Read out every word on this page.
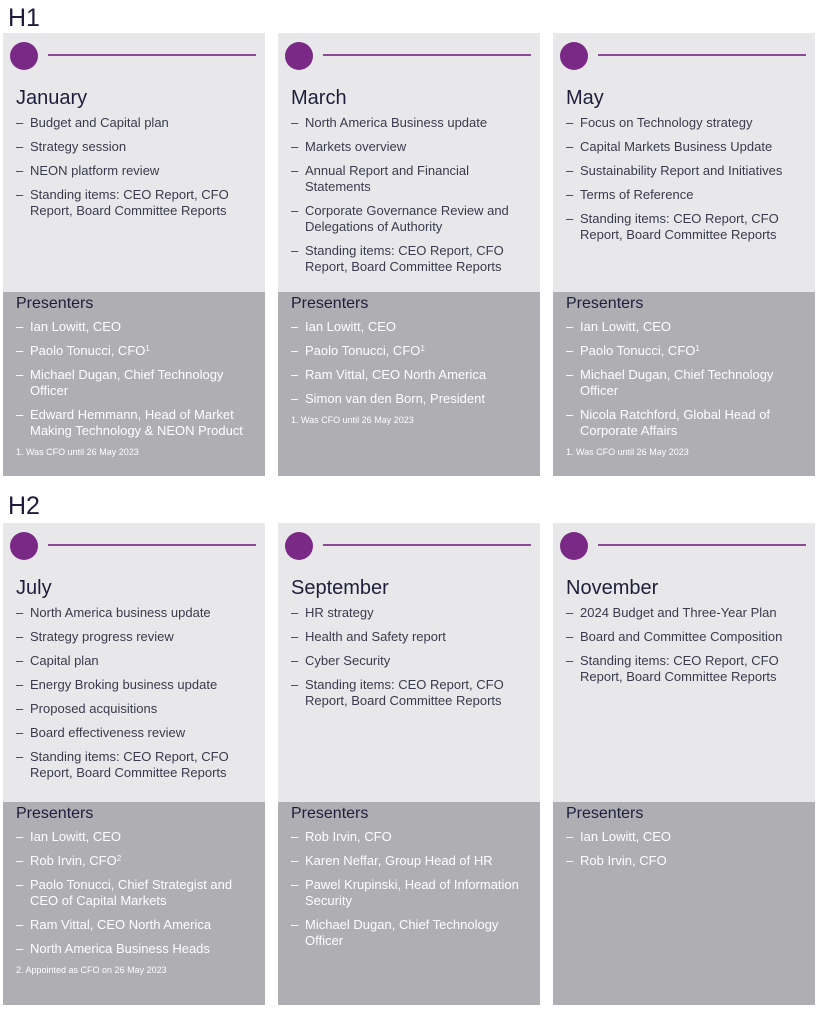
H1
H2
January
– Budget and Capital plan
– Strategy session
– NEON platform review
– Standing items: CEO Report, CFO Report, Board Committee Reports
Presenters
– Ian Lowitt, CEO
– Paolo Tonucci, CFO$^1$
– Michael Dugan, Chief Technology Officer
– Edward Hemmann, Head of Market Making Technology & NEON Product
1. Was CFO until 26 May 2023
March
– North America Business update
– Markets overview
– Annual Report and Financial Statements
– Corporate Governance Review and Delegations of Authority
– Standing items: CEO Report, CFO Report, Board Committee Reports
Presenters
– Ian Lowitt, CEO
– Paolo Tonucci, CFO$^1$
– Ram Vittal, CEO North America
– Simon van den Born, President
1. Was CFO until 26 May 2023
May
– Focus on Technology strategy
– Capital Markets Business Update
– Sustainability Report and Initiatives
– Terms of Reference
– Standing items: CEO Report, CFO Report, Board Committee Reports
Presenters
– Ian Lowitt, CEO
– Paolo Tonucci, CFO$^1$
– Michael Dugan, Chief Technology Officer
– Nicola Ratchford, Global Head of Corporate Affairs
1. Was CFO until 26 May 2023
July
– North America business update
– Strategy progress review
– Capital plan
– Energy Broking business update
– Proposed acquisitions
– Board effectiveness review
– Standing items: CEO Report, CFO Report, Board Committee Reports
Presenters
– Ian Lowitt, CEO
– Rob Irvin, CFO$^2$
– Paolo Tonucci, Chief Strategist and CEO of Capital Markets
– Ram Vittal, CEO North America
– North America Business Heads
2. Appointed as CFO on 26 May 2023
September
– HR strategy
– Health and Safety report
– Cyber Security
– Standing items: CEO Report, CFO Report, Board Committee Reports
Presenters
– Rob Irvin, CFO
– Karen Neffar, Group Head of HR
– Pawel Krupinski, Head of Information Security
– Michael Dugan, Chief Technology Officer
November
– 2024 Budget and Three-Year Plan
– Board and Committee Composition
– Standing items: CEO Report, CFO Report, Board Committee Reports
Presenters
– Ian Lowitt, CEO
– Rob Irvin, CFO
